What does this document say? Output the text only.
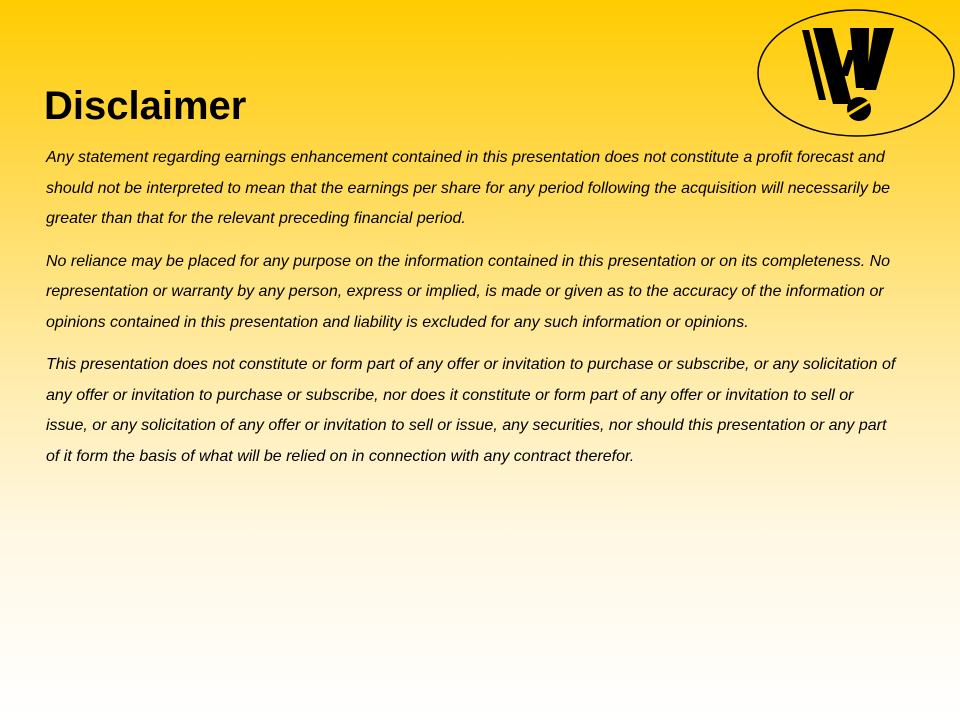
Disclaimer

Any statement regarding earnings enhancement contained in this presentation does not constitute a profit forecast and should not be interpreted to mean that the earnings per share for any period following the acquisition will necessarily be greater than that for the relevant preceding financial period.

No reliance may be placed for any purpose on the information contained in this presentation or on its completeness. No representation or warranty by any person, express or implied, is made or given as to the accuracy of the information or opinions contained in this presentation and liability is excluded for any such information or opinions.

This presentation does not constitute or form part of any offer or invitation to purchase or subscribe, or any solicitation of any offer or invitation to purchase or subscribe, nor does it constitute or form part of any offer or invitation to sell or issue, or any solicitation of any offer or invitation to sell or issue, any securities, nor should this presentation or any part of it form the basis of what will be relied on in connection with any contract therefor.
